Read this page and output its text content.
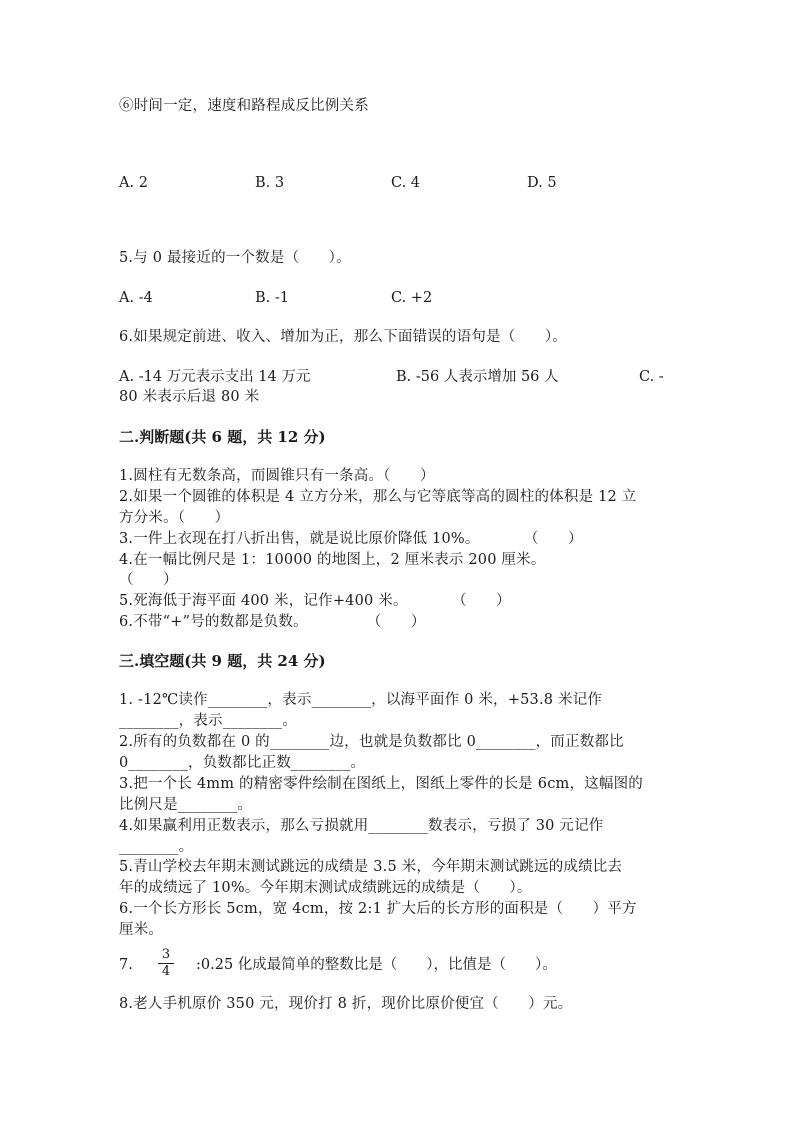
⑥时间一定，速度和路程成反比例关系
A. 2	B. 3	C. 4	D. 5
5.与 0 最接近的一个数是（　　）。
A. -4	B. -1	C. +2
6.如果规定前进、收入、增加为正，那么下面错误的语句是（　　）。
A. -14 万元表示支出 14 万元	B. -56 人表示增加 56 人	C. -
80 米表示后退 80 米
二.判断题(共 6 题，共 12 分)
1.圆柱有无数条高，而圆锥只有一条高。（　　）
2.如果一个圆锥的体积是 4 立方分米，那么与它等底等高的圆柱的体积是 12 立
方分米。（　　）
3.一件上衣现在打八折出售，就是说比原价降低 10%。　　　　（　　）
4.在一幅比例尺是 1：10000 的地图上，2 厘米表示 200 厘米。
（　　）
5.死海低于海平面 400 米，记作+400 米。　　　　（　　）
6.不带“+”号的数都是负数。　　　　　（　　）
三.填空题(共 9 题，共 24 分)
1. -12℃读作________，表示________，以海平面作 0 米，+53.8 米记作
________，表示________。
2.所有的负数都在 0 的________边，也就是负数都比 0________，而正数都比
0________，负数都比正数________。
3.把一个长 4mm 的精密零件绘制在图纸上，图纸上零件的长是 6cm，这幅图的
比例尺是________。
4.如果赢利用正数表示，那么亏损就用________数表示，亏损了 30 元记作
________。
5.青山学校去年期末测试跳远的成绩是 3.5 米，今年期末测试跳远的成绩比去
年的成绩远了 10%。今年期末测试成绩跳远的成绩是（　　）。
6.一个长方形长 5cm，宽 4cm，按 2:1 扩大后的长方形的面积是（　　）平方
厘米。
7. $\frac{3}{4}$ :0.25 化成最简单的整数比是（　　），比值是（　　）。
8.老人手机原价 350 元，现价打 8 折，现价比原价便宜（　　）元。
